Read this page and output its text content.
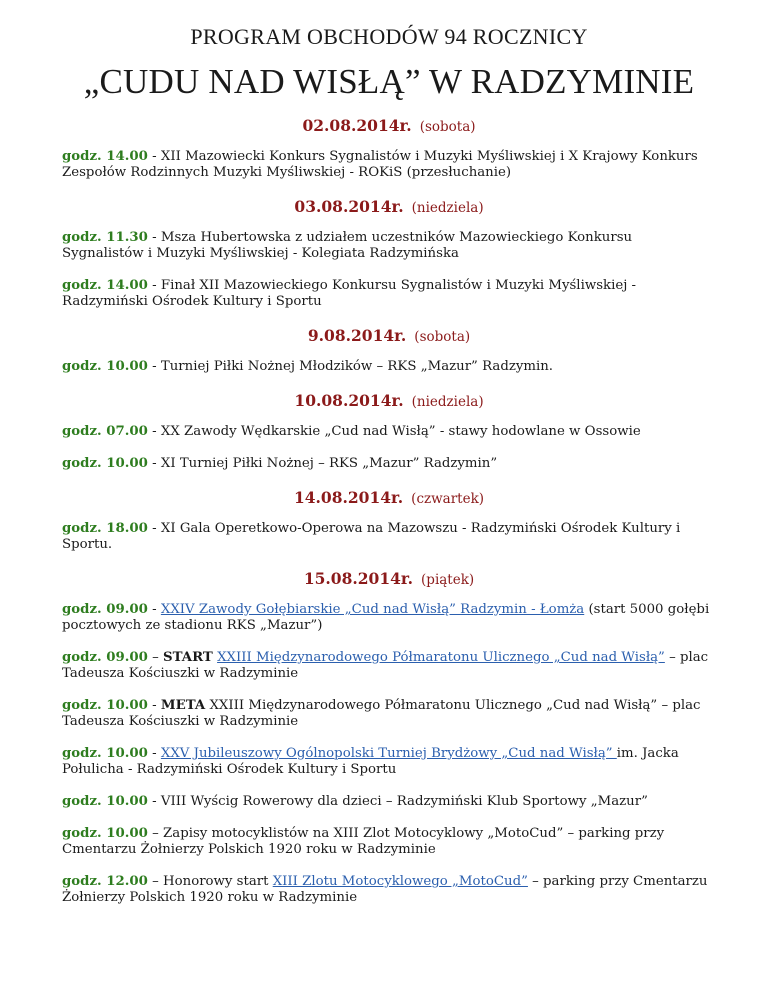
PROGRAM OBCHODÓW 94 ROCZNICY
„CUDU NAD WISŁĄ” W RADZYMINIE
02.08.2014r. (sobota)
godz. 14.00 - XII Mazowiecki Konkurs Sygnalistów i Muzyki Myśliwskiej i X Krajowy Konkurs Zespołów Rodzinnych Muzyki Myśliwskiej - ROKiS (przesłuchanie)
03.08.2014r. (niedziela)
godz. 11.30 - Msza Hubertowska z udziałem uczestników Mazowieckiego Konkursu Sygnalistów i Muzyki Myśliwskiej - Kolegiata Radzymińska
godz. 14.00 - Finał XII Mazowieckiego Konkursu Sygnalistów i Muzyki Myśliwskiej - Radzymiński Ośrodek Kultury i Sportu
9.08.2014r. (sobota)
godz. 10.00 - Turniej Piłki Nożnej Młodzików – RKS „Mazur” Radzymin.
10.08.2014r. (niedziela)
godz. 07.00 - XX Zawody Wędkarskie „Cud nad Wisłą” - stawy hodowlane w Ossowie
godz. 10.00 - XI Turniej Piłki Nożnej – RKS „Mazur” Radzymin”
14.08.2014r. (czwartek)
godz. 18.00 - XI Gala Operetkowo-Operowa na Mazowszu - Radzymiński Ośrodek Kultury i Sportu.
15.08.2014r. (piątek)
godz. 09.00 - XXIV Zawody Gołębiarskie „Cud nad Wisłą” Radzymin - Łomża (start 5000 gołębi pocztowych ze stadionu RKS „Mazur”)
godz. 09.00 – START XXIII Międzynarodowego Półmaratonu Ulicznego „Cud nad Wisłą” – plac Tadeusza Kościuszki w Radzyminie
godz. 10.00 - META XXIII Międzynarodowego Półmaratonu Ulicznego „Cud nad Wisłą” – plac Tadeusza Kościuszki w Radzyminie
godz. 10.00 - XXV Jubileuszowy Ogólnopolski Turniej Brydżowy „Cud nad Wisłą” im. Jacka Połulicha - Radzymiński Ośrodek Kultury i Sportu
godz. 10.00 - VIII Wyścig Rowerowy dla dzieci – Radzymiński Klub Sportowy „Mazur”
godz. 10.00 – Zapisy motocyklistów na XIII Zlot Motocyklowy „MotoCud” – parking przy Cmentarzu Żołnierzy Polskich 1920 roku w Radzyminie
godz. 12.00 – Honorowy start XIII Zlotu Motocyklowego „MotoCud” – parking przy Cmentarzu Żołnierzy Polskich 1920 roku w Radzyminie
